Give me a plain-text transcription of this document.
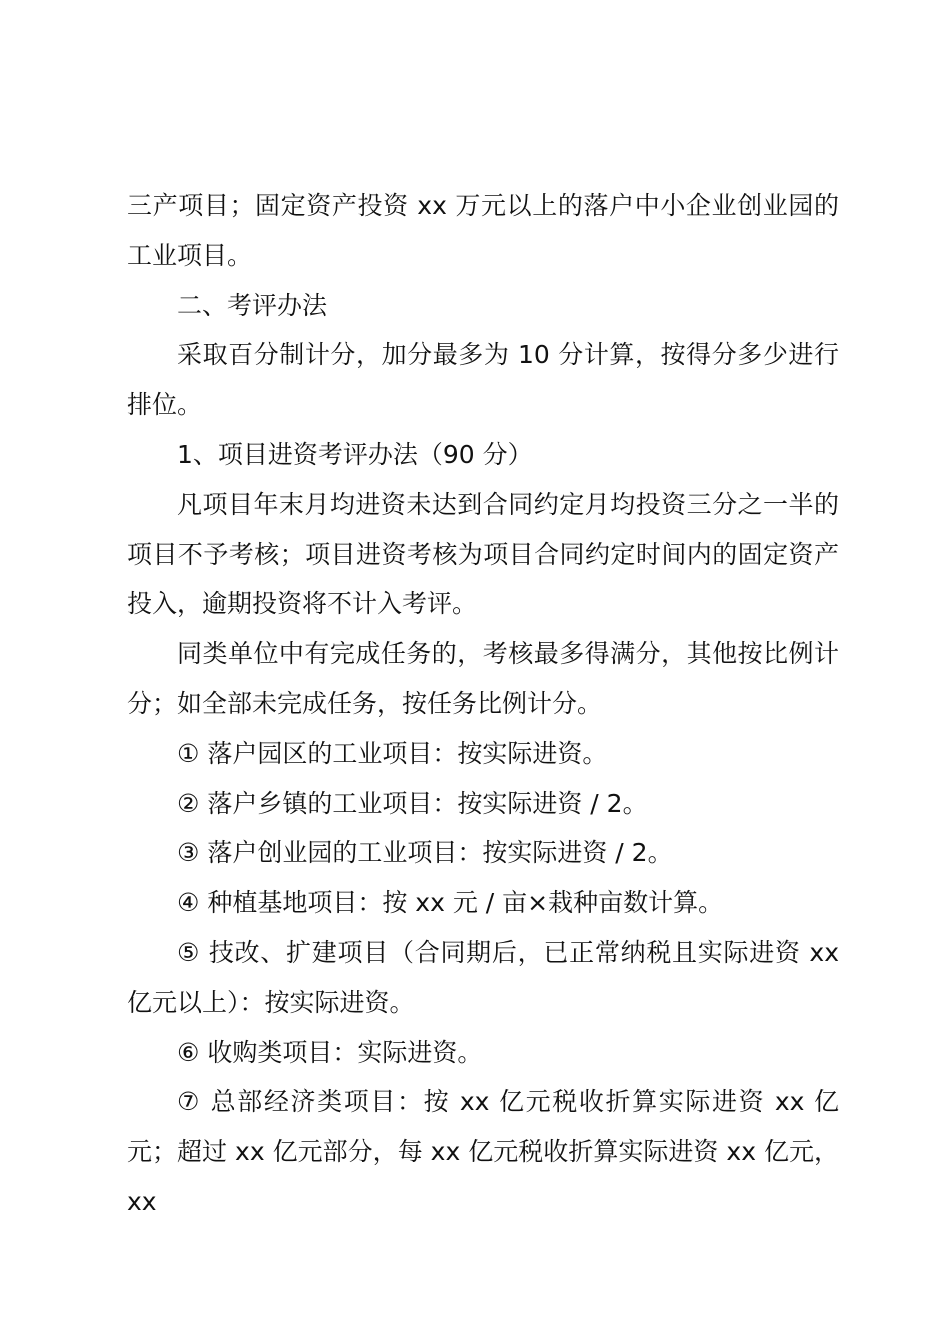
三产项目；固定资产投资 xx 万元以上的落户中小企业创业园的工业项目。

二、考评办法

采取百分制计分，加分最多为 10 分计算，按得分多少进行排位。

1、项目进资考评办法（90 分）

凡项目年末月均进资未达到合同约定月均投资三分之一半的项目不予考核；项目进资考核为项目合同约定时间内的固定资产投入，逾期投资将不计入考评。

同类单位中有完成任务的，考核最多得满分，其他按比例计分；如全部未完成任务，按任务比例计分。

① 落户园区的工业项目：按实际进资。

② 落户乡镇的工业项目：按实际进资 / 2。

③ 落户创业园的工业项目：按实际进资 / 2。

④ 种植基地项目：按 xx 元 / 亩×栽种亩数计算。

⑤ 技改、扩建项目（合同期后，已正常纳税且实际进资 xx 亿元以上）：按实际进资。

⑥ 收购类项目：实际进资。

⑦ 总部经济类项目：按 xx 亿元税收折算实际进资 xx 亿元；超过 xx 亿元部分，每 xx 亿元税收折算实际进资 xx 亿元，xx
